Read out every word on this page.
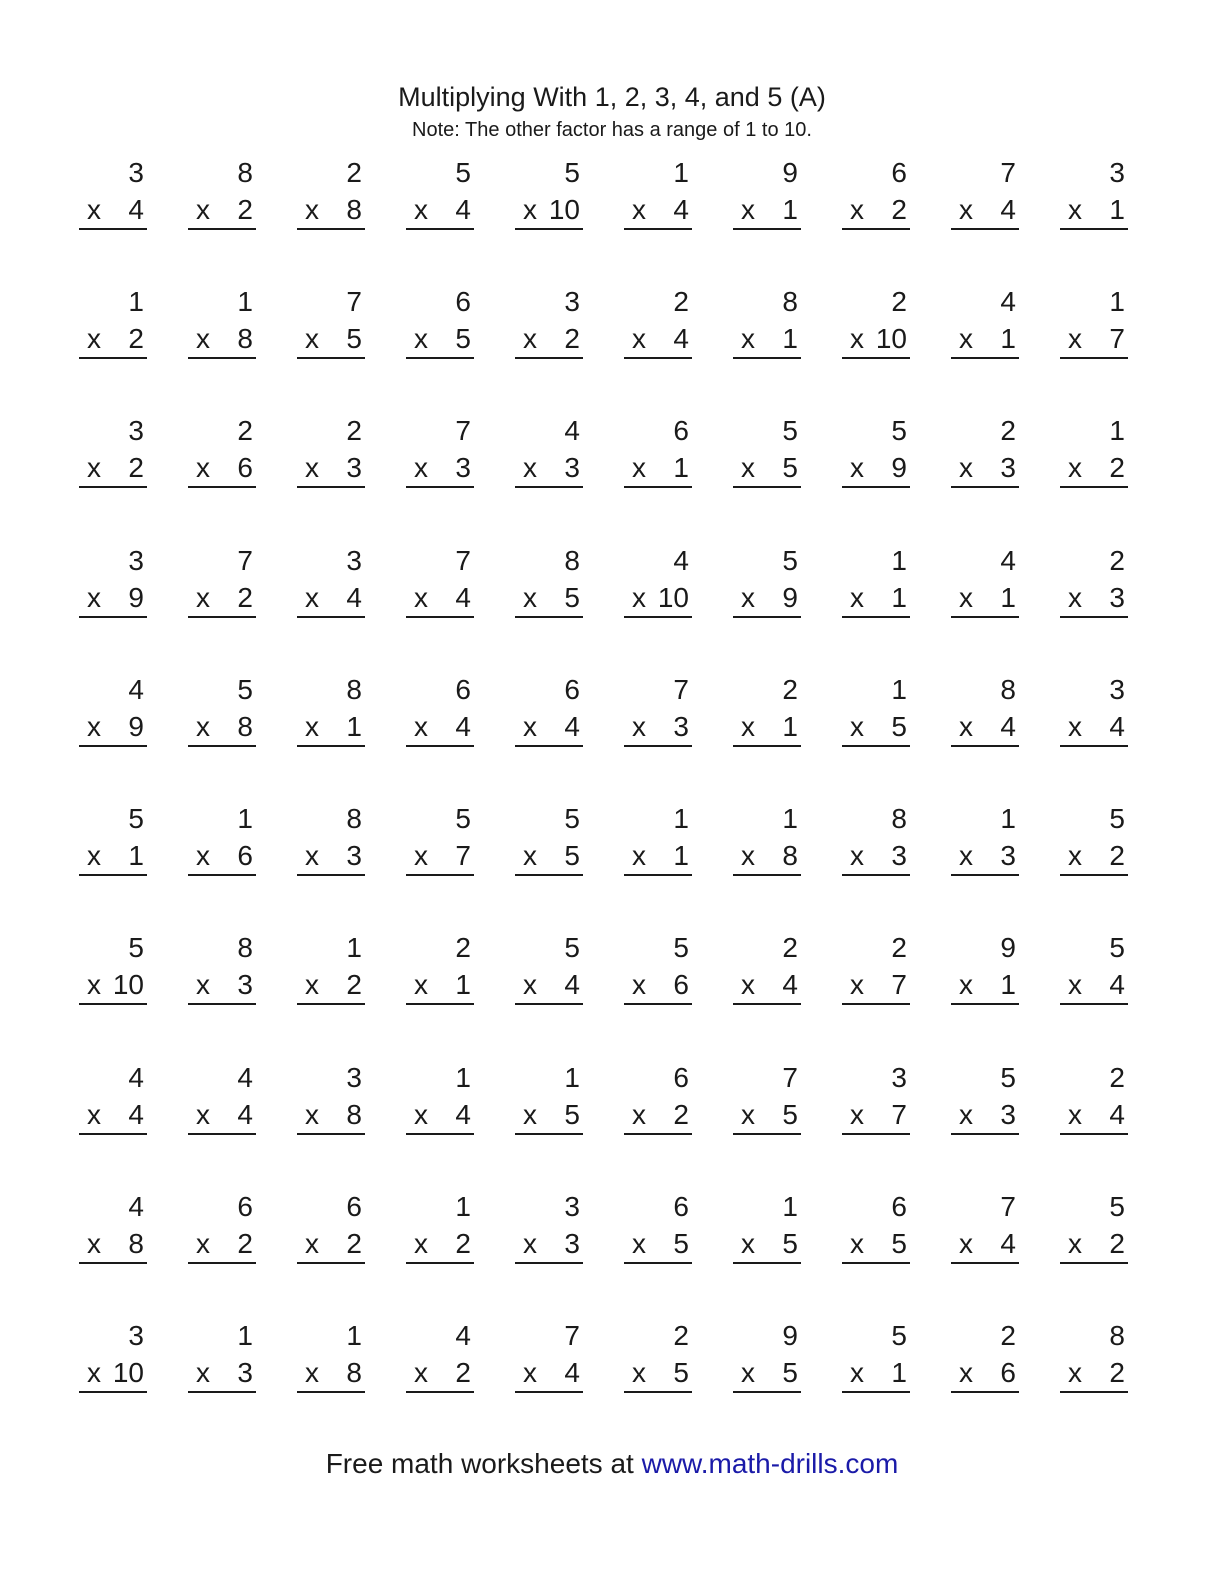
Multiplying With 1, 2, 3, 4, and 5 (A)
Note: The other factor has a range of 1 to 10.
3
x 4
8
x 2
2
x 8
5
x 4
5
x 10
1
x 4
9
x 1
6
x 2
7
x 4
3
x 1
1
x 2
1
x 8
7
x 5
6
x 5
3
x 2
2
x 4
8
x 1
2
x 10
4
x 1
1
x 7
3
x 2
2
x 6
2
x 3
7
x 3
4
x 3
6
x 1
5
x 5
5
x 9
2
x 3
1
x 2
3
x 9
7
x 2
3
x 4
7
x 4
8
x 5
4
x 10
5
x 9
1
x 1
4
x 1
2
x 3
4
x 9
5
x 8
8
x 1
6
x 4
6
x 4
7
x 3
2
x 1
1
x 5
8
x 4
3
x 4
5
x 1
1
x 6
8
x 3
5
x 7
5
x 5
1
x 1
1
x 8
8
x 3
1
x 3
5
x 2
5
x 10
8
x 3
1
x 2
2
x 1
5
x 4
5
x 6
2
x 4
2
x 7
9
x 1
5
x 4
4
x 4
4
x 4
3
x 8
1
x 4
1
x 5
6
x 2
7
x 5
3
x 7
5
x 3
2
x 4
4
x 8
6
x 2
6
x 2
1
x 2
3
x 3
6
x 5
1
x 5
6
x 5
7
x 4
5
x 2
3
x 10
1
x 3
1
x 8
4
x 2
7
x 4
2
x 5
9
x 5
5
x 1
2
x 6
8
x 2
Free math worksheets at www.math-drills.com
